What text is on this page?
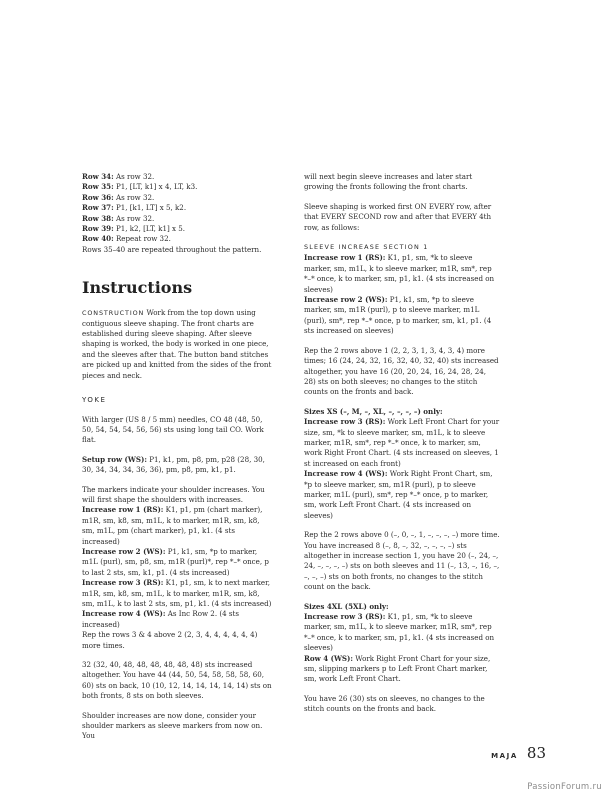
Row 34: As row 32.

Row 35: P1, [LT, k1] x 4, LT, k3.

Row 36: As row 32.

Row 37: P1, [k1, LT] x 5, k2.

Row 38: As row 32.

Row 39: P1, k2, [LT, k1] x 5.

Row 40: Repeat row 32.

Rows 35–40 are repeated throughout the pattern.

Instructions

CONSTRUCTION Work from the top down using contiguous sleeve shaping. The front charts are established during sleeve shaping. After sleeve shaping is worked, the body is worked in one piece, and the sleeves after that. The button band stitches are picked up and knitted from the sides of the front pieces and neck.

YOKE

With larger (US 8 / 5 mm) needles, CO 48 (48, 50, 50, 54, 54, 54, 56, 56) sts using long tail CO. Work flat.

Setup row (WS): P1, k1, pm, p8, pm, p28 (28, 30, 30, 34, 34, 34, 36, 36), pm, p8, pm, k1, p1.

The markers indicate your shoulder increases. You will first shape the shoulders with increases.

Increase row 1 (RS): K1, p1, pm (chart marker), m1R, sm, k8, sm, m1L, k to marker, m1R, sm, k8, sm, m1L, pm (chart marker), p1, k1. (4 sts increased)

Increase row 2 (WS): P1, k1, sm, *p to marker, m1L (purl), sm, p8, sm, m1R (purl)*, rep *–* once, p to last 2 sts, sm, k1, p1. (4 sts increased)

Increase row 3 (RS): K1, p1, sm, k to next marker, m1R, sm, k8, sm, m1L, k to marker, m1R, sm, k8, sm, m1L, k to last 2 sts, sm, p1, k1. (4 sts increased)

Increase row 4 (WS): As Inc Row 2. (4 sts increased)

Rep the rows 3 & 4 above 2 (2, 3, 4, 4, 4, 4, 4, 4) more times.

32 (32, 40, 48, 48, 48, 48, 48, 48) sts increased altogether. You have 44 (44, 50, 54, 58, 58, 58, 60, 60) sts on back, 10 (10, 12, 14, 14, 14, 14, 14) sts on both fronts, 8 sts on both sleeves.

Shoulder increases are now done, consider your shoulder markers as sleeve markers from now on. You

will next begin sleeve increases and later start growing the fronts following the front charts.

Sleeve shaping is worked first ON EVERY row, after that EVERY SECOND row and after that EVERY 4th row, as follows:

SLEEVE INCREASE SECTION 1

Increase row 1 (RS): K1, p1, sm, *k to sleeve marker, sm, m1L, k to sleeve marker, m1R, sm*, rep *–* once, k to marker, sm, p1, k1. (4 sts increased on sleeves)

Increase row 2 (WS): P1, k1, sm, *p to sleeve marker, sm, m1R (purl), p to sleeve marker, m1L (purl), sm*, rep *–* once, p to marker, sm, k1, p1. (4 sts increased on sleeves)

Rep the 2 rows above 1 (2, 2, 3, 1, 3, 4, 3, 4) more times; 16 (24, 24, 32, 16, 32, 40, 32, 40) sts increased altogether, you have 16 (20, 20, 24, 16, 24, 28, 24, 28) sts on both sleeves; no changes to the stitch counts on the fronts and back.

Sizes XS (–, M, –, XL, –, –, –, –) only:

Increase row 3 (RS): Work Left Front Chart for your size, sm, *k to sleeve marker, sm, m1L, k to sleeve marker, m1R, sm*, rep *–* once, k to marker, sm, work Right Front Chart. (4 sts increased on sleeves, 1 st increased on each front)

Increase row 4 (WS): Work Right Front Chart, sm, *p to sleeve marker, sm, m1R (purl), p to sleeve marker, m1L (purl), sm*, rep *–* once, p to marker, sm, work Left Front Chart. (4 sts increased on sleeves)

Rep the 2 rows above 0 (–, 0, –, 1, –, –, –, –) more time. You have increased 8 (–, 8, –, 32, –, –, –, –) sts altogether in increase section 1, you have 20 (–, 24, –, 24, –, –, –, –) sts on both sleeves and 11 (–, 13, –, 16, –, –, –, –) sts on both fronts, no changes to the stitch count on the back.

Sizes 4XL (5XL) only:

Increase row 3 (RS): K1, p1, sm, *k to sleeve marker, sm, m1L, k to sleeve marker, m1R, sm*, rep *–* once, k to marker, sm, p1, k1. (4 sts increased on sleeves)

Row 4 (WS): Work Right Front Chart for your size, sm, slipping markers p to Left Front Chart marker, sm, work Left Front Chart.

You have 26 (30) sts on sleeves, no changes to the stitch counts on the fronts and back.

MAJA 83
PassionForum.ru
